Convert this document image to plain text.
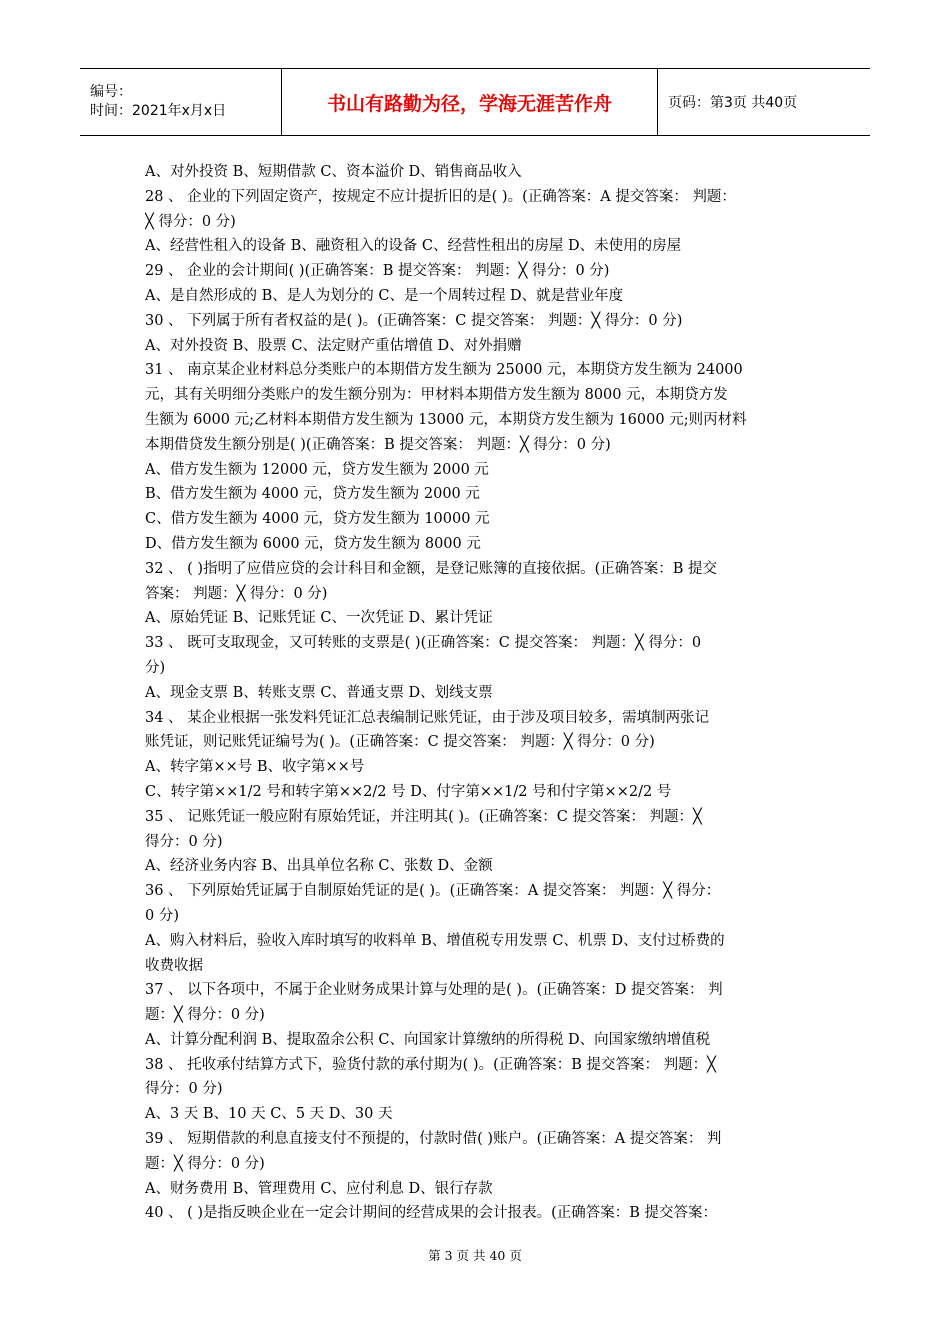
编号：
时间：2021年x月x日	书山有路勤为径，学海无涯苦作舟	页码：第3页 共40页
A、对外投资 B、短期借款 C、资本溢价 D、销售商品收入
28 、 企业的下列固定资产，按规定不应计提折旧的是( )。(正确答案：A 提交答案： 判题：
╳ 得分：0 分)
A、经营性租入的设备 B、融资租入的设备 C、经营性租出的房屋 D、未使用的房屋
29 、 企业的会计期间( )(正确答案：B 提交答案： 判题：╳ 得分：0 分)
A、是自然形成的 B、是人为划分的 C、是一个周转过程 D、就是营业年度
30 、 下列属于所有者权益的是( )。(正确答案：C 提交答案： 判题：╳ 得分：0 分)
A、对外投资 B、股票 C、法定财产重估增值 D、对外捐赠
31 、 南京某企业材料总分类账户的本期借方发生额为 25000 元，本期贷方发生额为 24000
元，其有关明细分类账户的发生额分别为：甲材料本期借方发生额为 8000 元，本期贷方发
生额为 6000 元;乙材料本期借方发生额为 13000 元，本期贷方发生额为 16000 元;则丙材料
本期借贷发生额分别是( )(正确答案：B 提交答案： 判题：╳ 得分：0 分)
A、借方发生额为 12000 元，贷方发生额为 2000 元
B、借方发生额为 4000 元，贷方发生额为 2000 元
C、借方发生额为 4000 元，贷方发生额为 10000 元
D、借方发生额为 6000 元，贷方发生额为 8000 元
32 、 ( )指明了应借应贷的会计科目和金额，是登记账簿的直接依据。(正确答案：B 提交
答案： 判题：╳ 得分：0 分)
A、原始凭证 B、记账凭证 C、一次凭证 D、累计凭证
33 、 既可支取现金，又可转账的支票是( )(正确答案：C 提交答案： 判题：╳ 得分：0
分)
A、现金支票 B、转账支票 C、普通支票 D、划线支票
34 、 某企业根据一张发料凭证汇总表编制记账凭证，由于涉及项目较多，需填制两张记
账凭证，则记账凭证编号为( )。(正确答案：C 提交答案： 判题：╳ 得分：0 分)
A、转字第××号 B、收字第××号
C、转字第××1/2 号和转字第××2/2 号 D、付字第××1/2 号和付字第××2/2 号
35 、 记账凭证一般应附有原始凭证，并注明其( )。(正确答案：C 提交答案： 判题：╳
得分：0 分)
A、经济业务内容 B、出具单位名称 C、张数 D、金额
36 、 下列原始凭证属于自制原始凭证的是( )。(正确答案：A 提交答案： 判题：╳ 得分：
0 分)
A、购入材料后，验收入库时填写的收料单 B、增值税专用发票 C、机票 D、支付过桥费的
收费收据
37 、 以下各项中，不属于企业财务成果计算与处理的是( )。(正确答案：D 提交答案： 判
题：╳ 得分：0 分)
A、计算分配利润 B、提取盈余公积 C、向国家计算缴纳的所得税 D、向国家缴纳增值税
38 、 托收承付结算方式下，验货付款的承付期为( )。(正确答案：B 提交答案： 判题：╳
得分：0 分)
A、3 天 B、10 天 C、5 天 D、30 天
39 、 短期借款的利息直接支付不预提的，付款时借( )账户。(正确答案：A 提交答案： 判
题：╳ 得分：0 分)
A、财务费用 B、管理费用 C、应付利息 D、银行存款
40 、 ( )是指反映企业在一定会计期间的经营成果的会计报表。(正确答案：B 提交答案：
第 3 页 共 40 页
